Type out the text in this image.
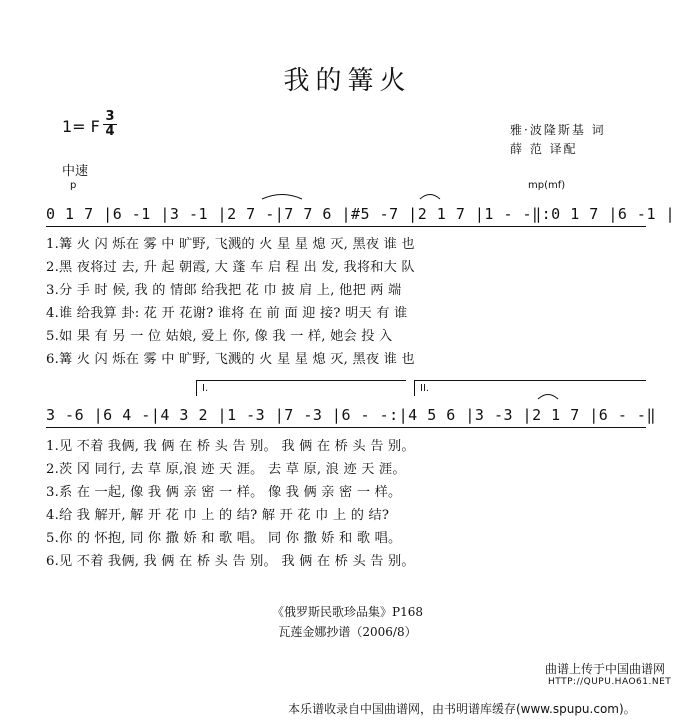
我的篝火
1= F
3
4	雅·波隆斯基 词
薛 范 译配
中速
p	mp(mf)
0 1 7 |6 -1 |3 -1 |2 7 -|7 7 6 |#5 -7 |2 1 7 |1 - -‖:0 1 7 |6 -1 |
1.篝 火 闪 烁在 雾 中 旷野, 飞溅的 火 星 星 熄 灭, 黑夜 谁 也
2.黑 夜将过 去, 升 起 朝霞, 大 蓬 车 启 程 出 发, 我将和大 队
3.分 手 时 候, 我 的 情郎 给我把 花 巾 披 肩 上, 他把 两 端
4.谁 给我算 卦: 花 开 花谢? 谁将 在 前 面 迎 接? 明天 有 谁
5.如 果 有 另 一 位 姑娘, 爱上 你, 像 我 一 样, 她会 投 入
6.篝 火 闪 烁在 雾 中 旷野, 飞溅的 火 星 星 熄 灭, 黑夜 谁 也
I.	II.
3 -6 |6 4 -|4 3 2 |1 -3 |7 -3 |6 - -:|4 5 6 |3 -3 |2 1 7 |6 - -‖
1.见 不着 我俩, 我 俩 在 桥 头 告 别。 我 俩 在 桥 头 告 别。
2.茨 冈 同行, 去 草 原,浪 迹 天 涯。 去 草 原, 浪 迹 天 涯。
3.系 在 一起, 像 我 俩 亲 密 一 样。 像 我 俩 亲 密 一 样。
4.给 我 解开, 解 开 花 巾 上 的 结? 解 开 花 巾 上 的 结?
5.你 的 怀抱, 同 你 撒 娇 和 歌 唱。 同 你 撒 娇 和 歌 唱。
6.见 不着 我俩, 我 俩 在 桥 头 告 别。 我 俩 在 桥 头 告 别。
《俄罗斯民歌珍品集》P168
瓦莲金娜抄谱（2006/8）
曲谱上传于中国曲谱网
HTTP://QUPU.HAO61.NET
本乐谱收录自中国曲谱网，由书明谱库缓存(www.spupu.com)。
